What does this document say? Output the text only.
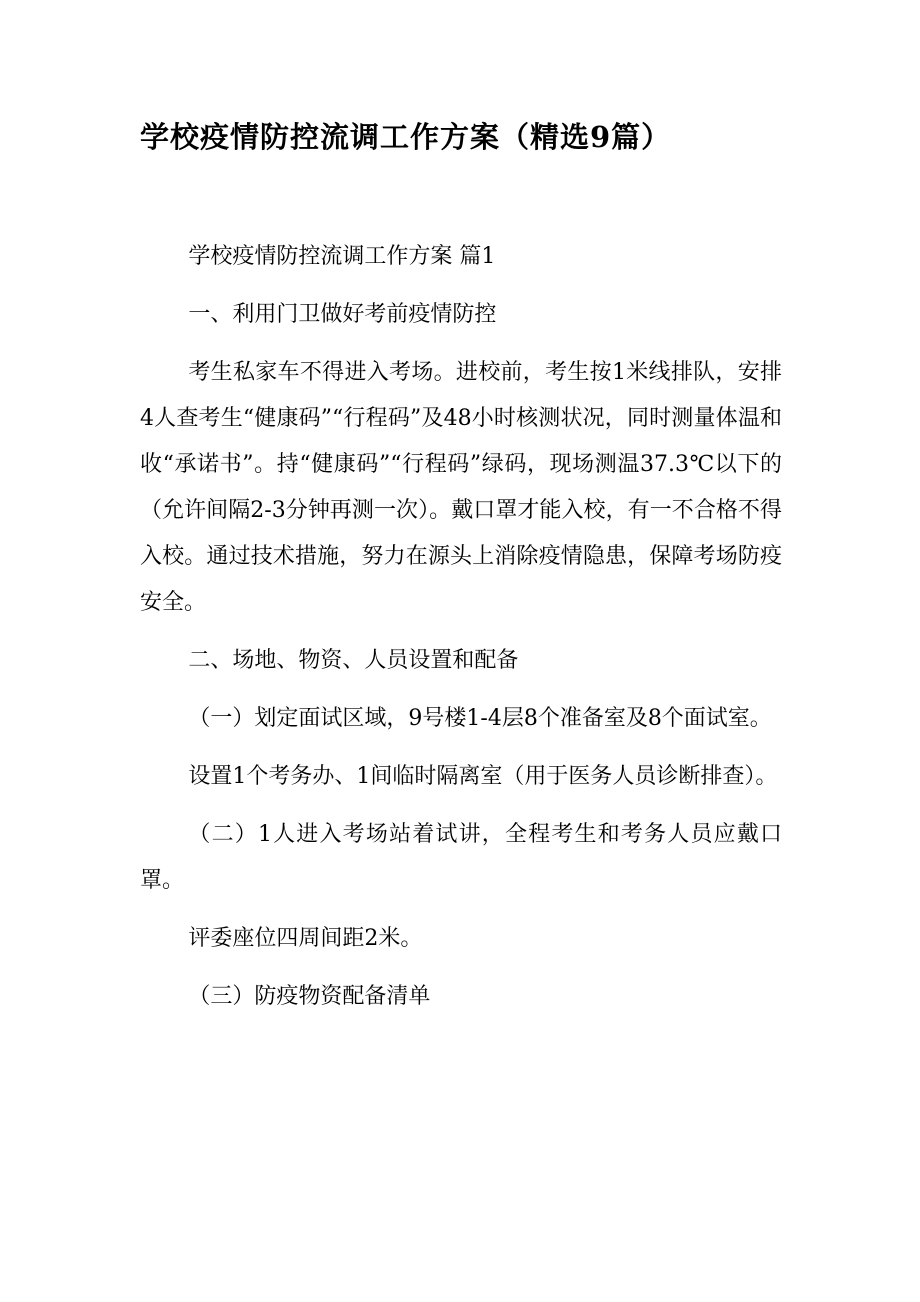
学校疫情防控流调工作方案（精选9篇）

学校疫情防控流调工作方案 篇1

一、利用门卫做好考前疫情防控

考生私家车不得进入考场。进校前，考生按1米线排队，安排4人查考生“健康码”“行程码”及48小时核测状况，同时测量体温和收“承诺书”。持“健康码”“行程码”绿码，现场测温37.3℃以下的（允许间隔2-3分钟再测一次）。戴口罩才能入校，有一不合格不得入校。通过技术措施，努力在源头上消除疫情隐患，保障考场防疫安全。

二、场地、物资、人员设置和配备

（一）划定面试区域，9号楼1-4层8个准备室及8个面试室。

设置1个考务办、1间临时隔离室（用于医务人员诊断排查）。

（二）1人进入考场站着试讲，全程考生和考务人员应戴口罩。

评委座位四周间距2米。

（三）防疫物资配备清单
